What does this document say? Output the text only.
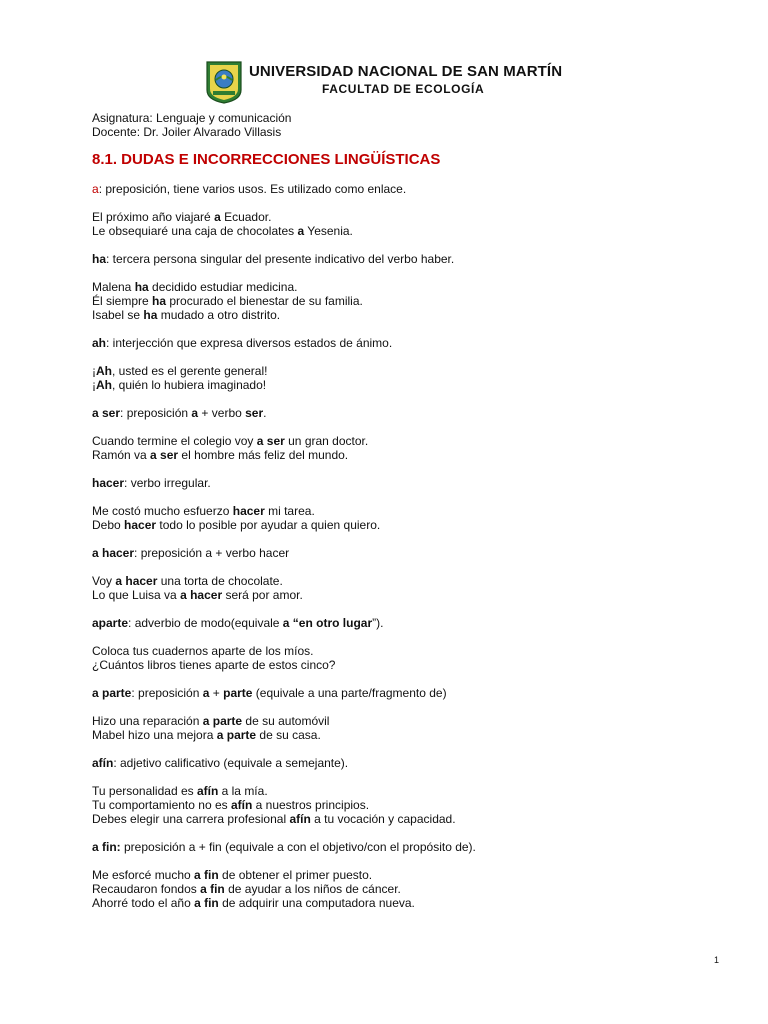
UNIVERSIDAD NACIONAL DE SAN MARTÍN
FACULTAD DE ECOLOGÍA
Asignatura: Lenguaje y comunicación
Docente: Dr. Joiler Alvarado Villasis
8.1. DUDAS E INCORRECCIONES LINGÜÍSTICAS
a: preposición, tiene varios usos. Es utilizado como enlace.
El próximo año viajaré a Ecuador.
Le obsequiaré una caja de chocolates a Yesenia.
ha: tercera persona singular del presente indicativo del verbo haber.
Malena ha decidido estudiar medicina.
Él siempre ha procurado el bienestar de su familia.
Isabel se ha mudado a otro distrito.
ah: interjección que expresa diversos estados de ánimo.
¡Ah, usted es el gerente general!
¡Ah, quién lo hubiera imaginado!
a ser: preposición a + verbo ser.
Cuando termine el colegio voy a ser un gran doctor.
Ramón va a ser el hombre más feliz del mundo.
hacer: verbo irregular.
Me costó mucho esfuerzo hacer mi tarea.
Debo hacer todo lo posible por ayudar a quien quiero.
a hacer: preposición a + verbo hacer
Voy a hacer una torta de chocolate.
Lo que Luisa va a hacer será por amor.
aparte: adverbio de modo(equivale a “en otro lugar”).
Coloca tus cuadernos aparte de los míos.
¿Cuántos libros tienes aparte de estos cinco?
a parte: preposición a + parte (equivale a una parte/fragmento de)
Hizo una reparación a parte de su automóvil
Mabel hizo una mejora a parte de su casa.
afín: adjetivo calificativo (equivale a semejante).
Tu personalidad es afín a la mía.
Tu comportamiento no es afín a nuestros principios.
Debes elegir una carrera profesional afín a tu vocación y capacidad.
a fin: preposición a + fin (equivale a con el objetivo/con el propósito de).
Me esforcé mucho a fin de obtener el primer puesto.
Recaudaron fondos a fin de ayudar a los niños de cáncer.
Ahorré todo el año a fin de adquirir una computadora nueva.
1
